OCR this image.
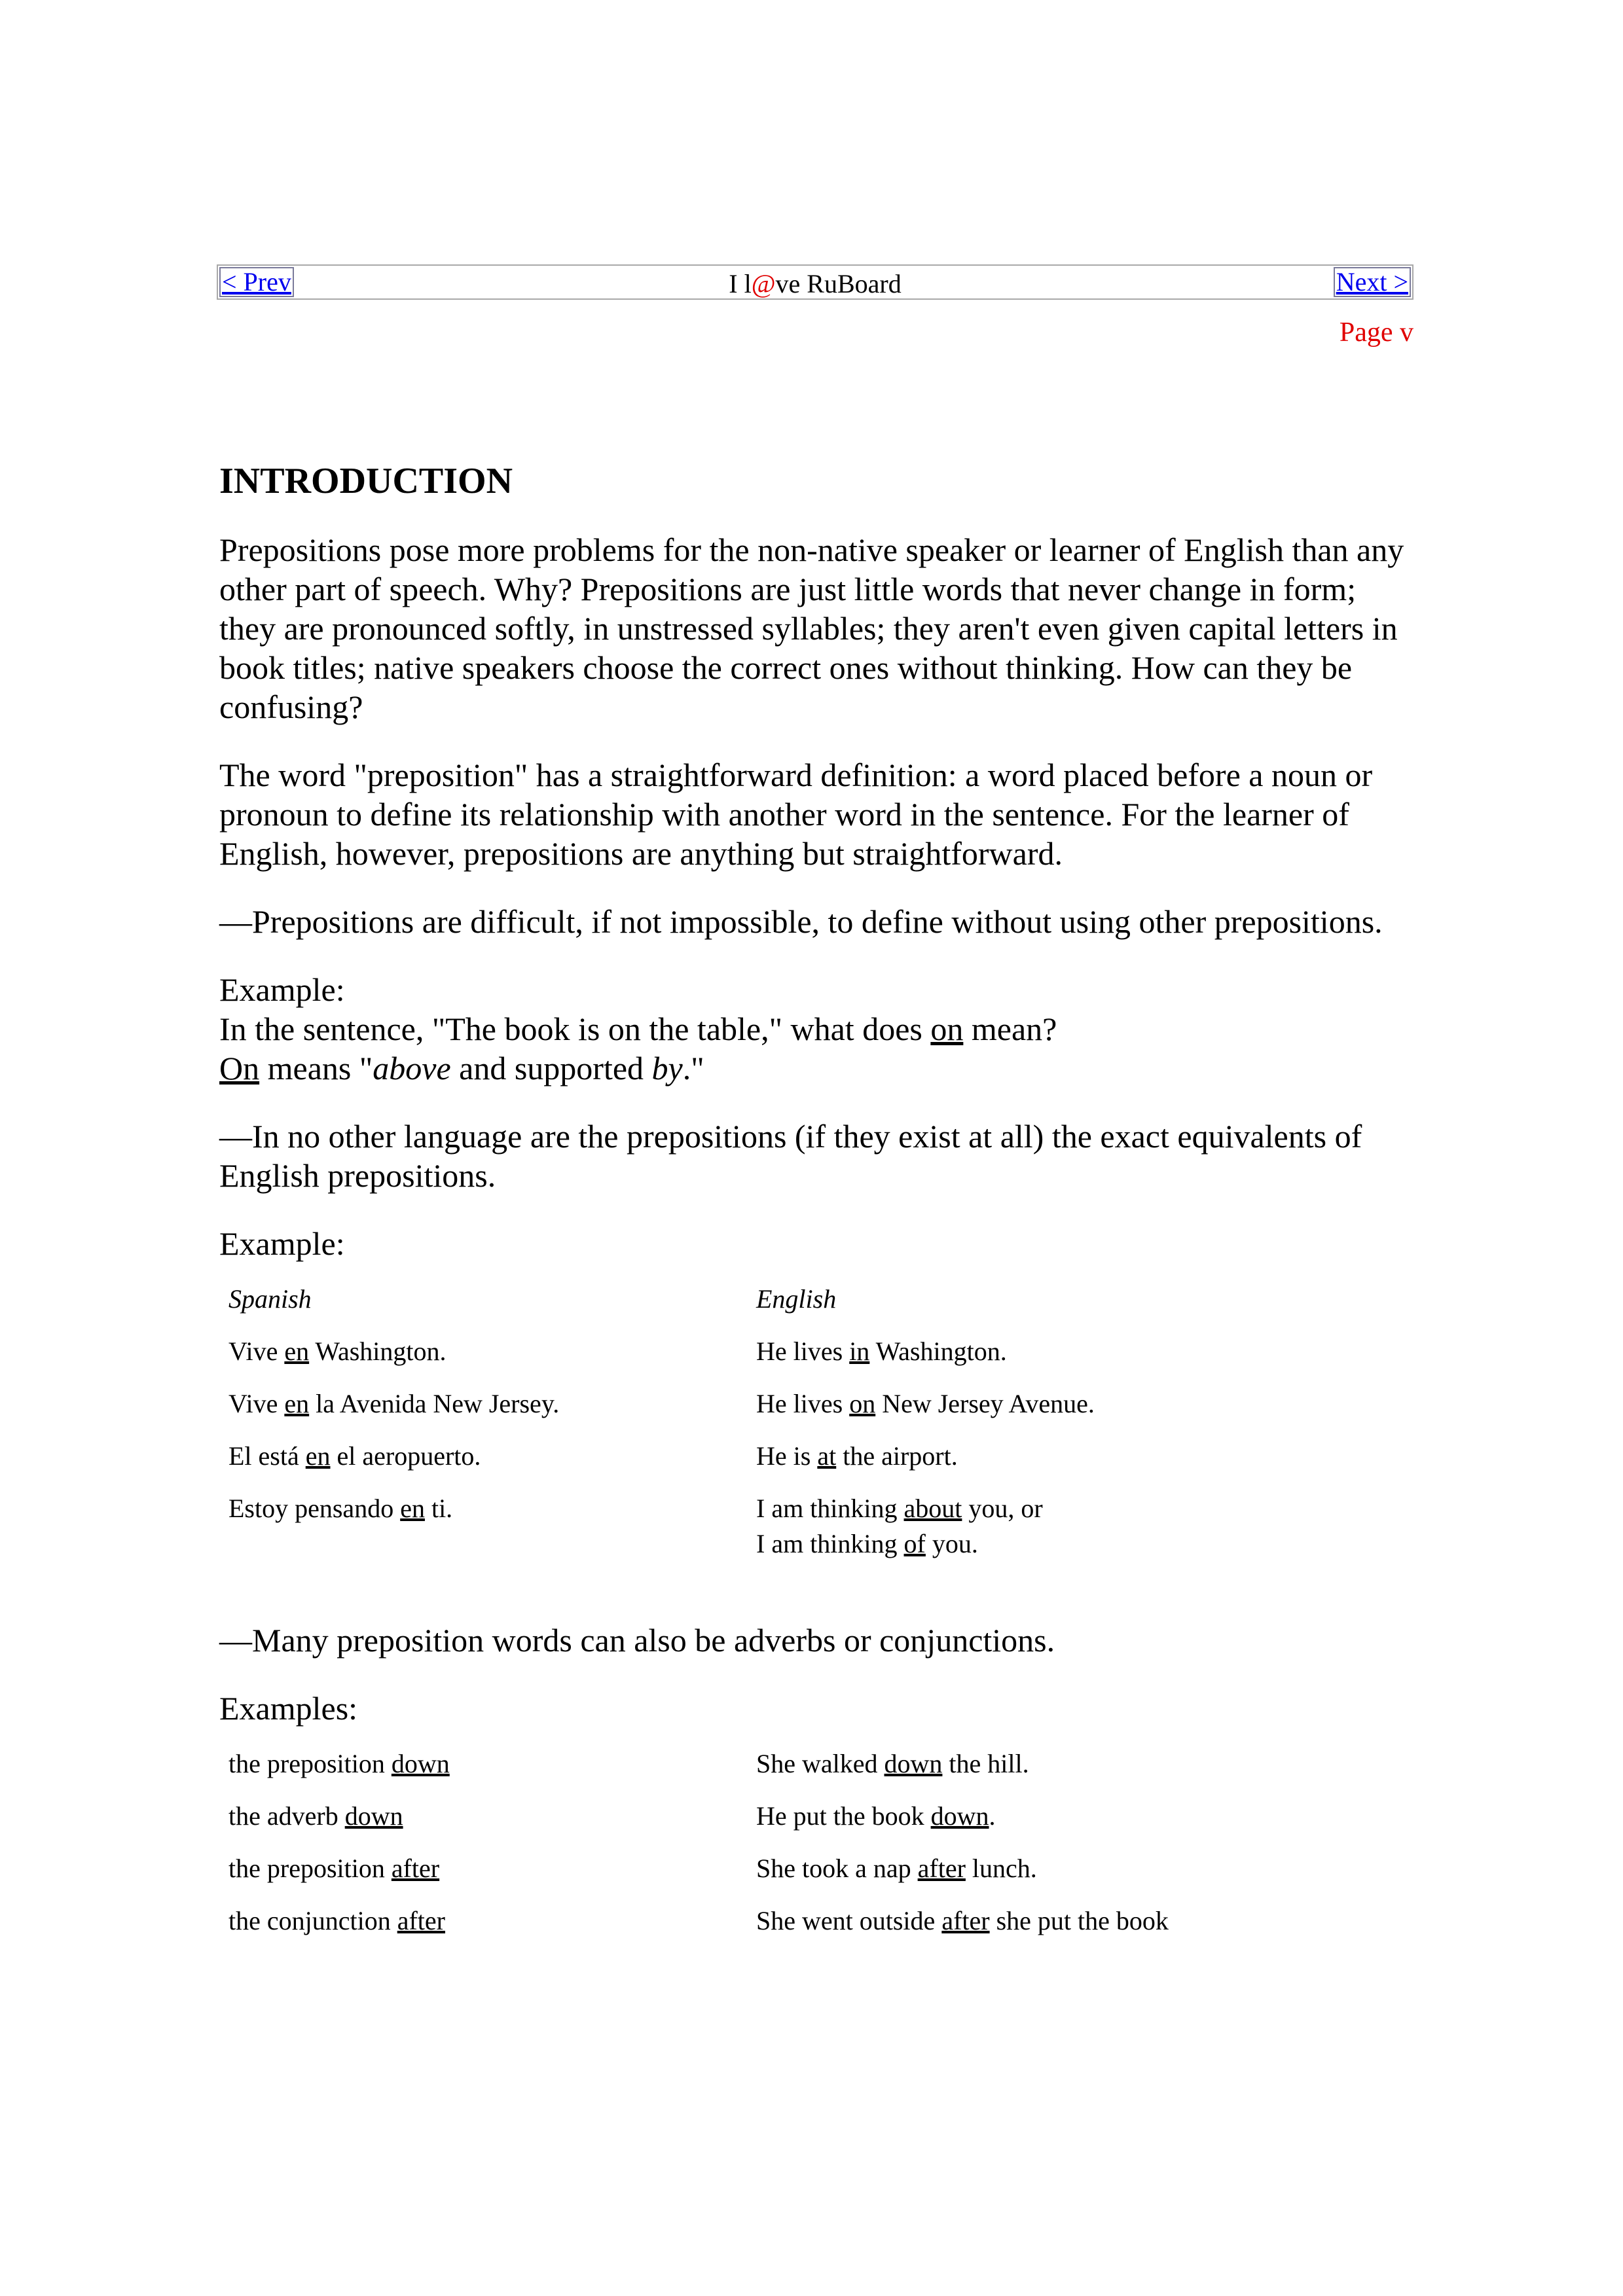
< Prev	I l@ve RuBoard	Next >
Page v
INTRODUCTION

Prepositions pose more problems for the non-native speaker or learner of English than any other part of speech. Why? Prepositions are just little words that never change in form; they are pronounced softly, in unstressed syllables; they aren't even given capital letters in book titles; native speakers choose the correct ones without thinking. How can they be confusing?

The word "preposition" has a straightforward definition: a word placed before a noun or pronoun to define its relationship with another word in the sentence. For the learner of English, however, prepositions are anything but straightforward.

—Prepositions are difficult, if not impossible, to define without using other prepositions.

Example:
In the sentence, "The book is on the table," what does on mean?
On means "above and supported by."

—In no other language are the prepositions (if they exist at all) the exact equivalents of English prepositions.

Example:

Spanish	English
Vive en Washington.	He lives in Washington.
Vive en la Avenida New Jersey.	He lives on New Jersey Avenue.
El está en el aeropuerto.	He is at the airport.
Estoy pensando en ti.	I am thinking about you, or
I am thinking of you.

—Many preposition words can also be adverbs or conjunctions.

Examples:

the preposition down	She walked down the hill.
the adverb down	He put the book down.
the preposition after	She took a nap after lunch.
the conjunction after	She went outside after she put the book
